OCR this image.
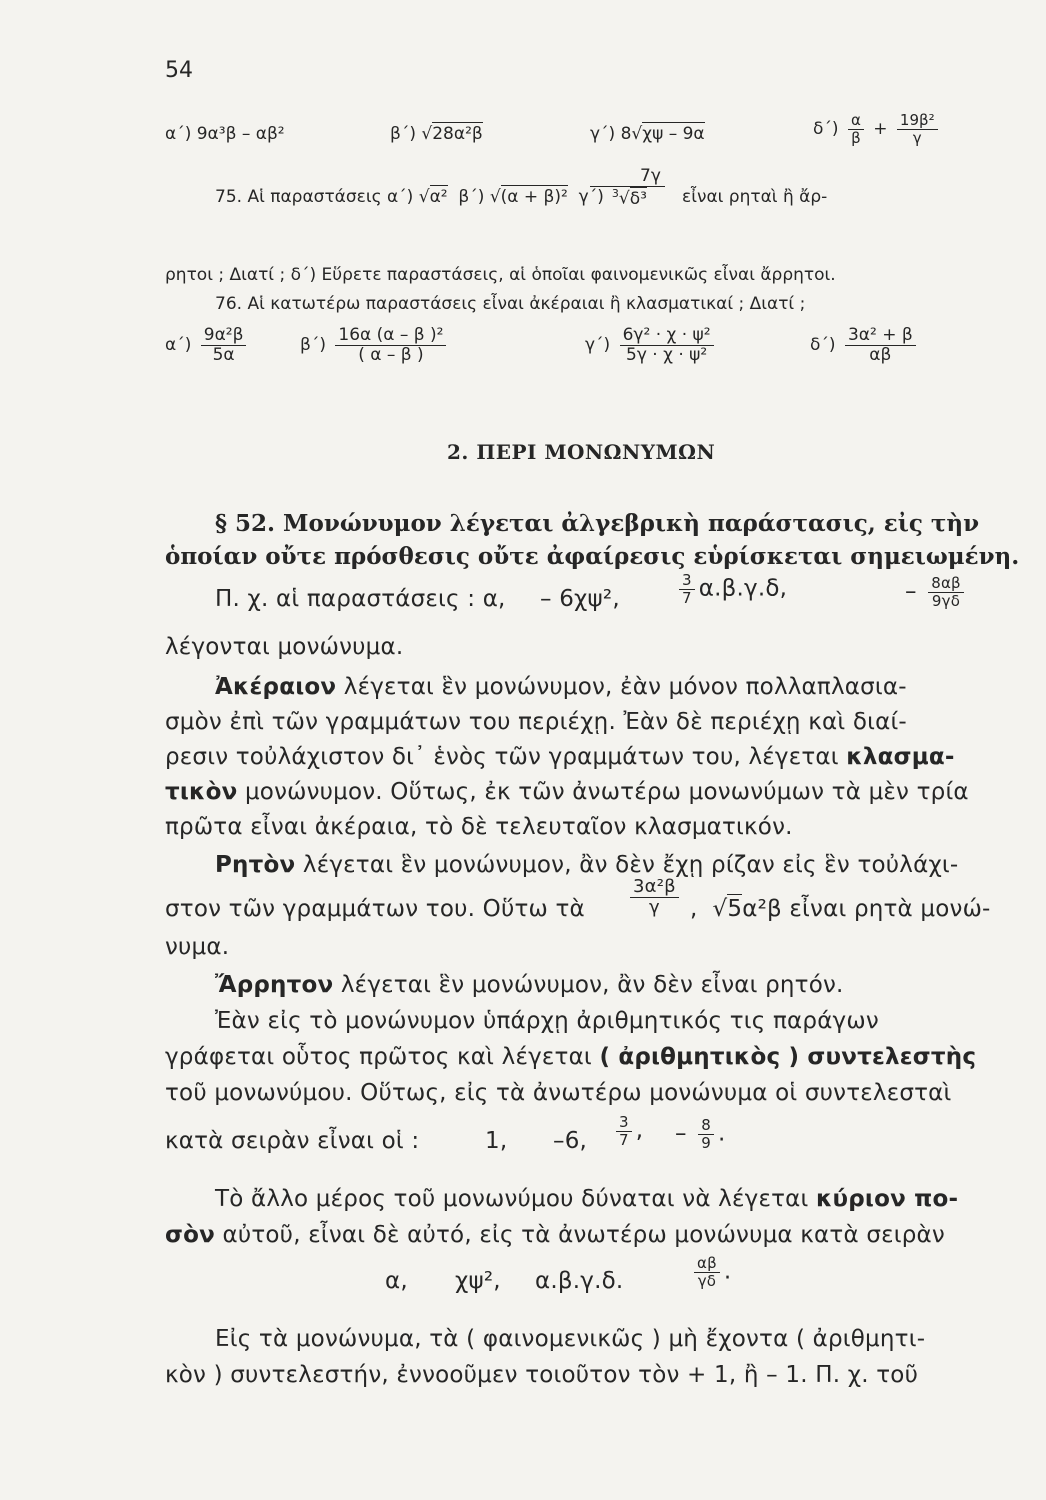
54
α΄) 9α³β – αβ²	β΄) √28α²β	γ΄) 8√χψ – 9α	$\delta΄) \frac{\alpha}{\beta} + \frac{\text{19β²}}{\gamma}$
75. Αἱ παραστάσεις α΄) √α² β΄) √(α + β)² γ΄)
7γ
$^3$√δ³	εἶναι ρηταὶ ἢ ἄρ-
ρητοι ; Διατί ; δ΄) Εὕρετε παραστάσεις, αἱ ὁποῖαι φαινομενικῶς εἶναι ἄρρητοι.
76. Αἱ κατωτέρω παραστάσεις εἶναι ἀκέραιαι ἢ κλασματικαί ; Διατί ;
$\alpha΄) \frac{\text{9α²β}}{5\alpha}$	$\beta΄) \frac{\text{16α (α – β )²}}{( \alpha - \beta )}$	$\gamma΄) \frac{\text{6γ² · χ · ψ²}}{\text{5γ · χ · ψ²}}$	$\delta΄) \frac{\text{3α² + β}}{\alpha\beta}$
2. ΠΕΡΙ ΜΟΝΩΝΥΜΩΝ
§ 52. Μονώνυμον λέγεται ἀλγεβρικὴ παράστασις, εἰς τὴν
ὁποίαν οὔτε πρόσθεσις οὔτε ἀφαίρεσις εὑρίσκεται σημειωμένη.
Π. χ. αἱ παραστάσεις : α, – 6χψ²,	$\frac{3}{7} \alpha.\beta.\gamma.\delta$,	– $\frac{8\alpha\beta}{9\gamma\delta}$
λέγονται μονώνυμα.
Ἀκέραιον λέγεται ἓν μονώνυμον, ἐὰν μόνον πολλαπλασια-
σμὸν ἐπὶ τῶν γραμμάτων του περιέχῃ. Ἐὰν δὲ περιέχῃ καὶ διαί-
ρεσιν τοὐλάχιστον δι᾽ ἑνὸς τῶν γραμμάτων του, λέγεται κλασμα-
τικὸν μονώνυμον. Οὕτως, ἐκ τῶν ἀνωτέρω μονωνύμων τὰ μὲν τρία
πρῶτα εἶναι ἀκέραια, τὸ δὲ τελευταῖον κλασματικόν.
Ρητὸν λέγεται ἓν μονώνυμον, ἂν δὲν ἔχῃ ρίζαν εἰς ἓν τοὐλάχι-
στον τῶν γραμμάτων του. Οὕτω τὰ	$\frac{\text{3α²β}}{\gamma}$ , √5α²β εἶναι ρητὰ μονώ-
νυμα.
Ἄρρητον λέγεται ἓν μονώνυμον, ἂν δὲν εἶναι ρητόν.
Ἐὰν εἰς τὸ μονώνυμον ὑπάρχῃ ἀριθμητικός τις παράγων
γράφεται οὗτος πρῶτος καὶ λέγεται ( ἀριθμητικὸς ) συντελεστὴς
τοῦ μονωνύμου. Οὕτως, εἰς τὰ ἀνωτέρω μονώνυμα οἱ συντελεσταὶ
κατὰ σειρὰν εἶναι οἱ :	1, –6, $\frac{3}{7}$ , – $\frac{8}{9}$ .
Τὸ ἄλλο μέρος τοῦ μονωνύμου δύναται νὰ λέγεται κύριον πο-
σὸν αὐτοῦ, εἶναι δὲ αὐτό, εἰς τὰ ἀνωτέρω μονώνυμα κατὰ σειρὰν
α, χψ², α.β.γ.δ.	$\frac{\alpha\beta}{\gamma\delta}$ .
Εἰς τὰ μονώνυμα, τὰ ( φαινομενικῶς ) μὴ ἔχοντα ( ἀριθμητι-
κὸν ) συντελεστήν, ἐννοοῦμεν τοιοῦτον τὸν + 1, ἢ – 1. Π. χ. τοῦ
